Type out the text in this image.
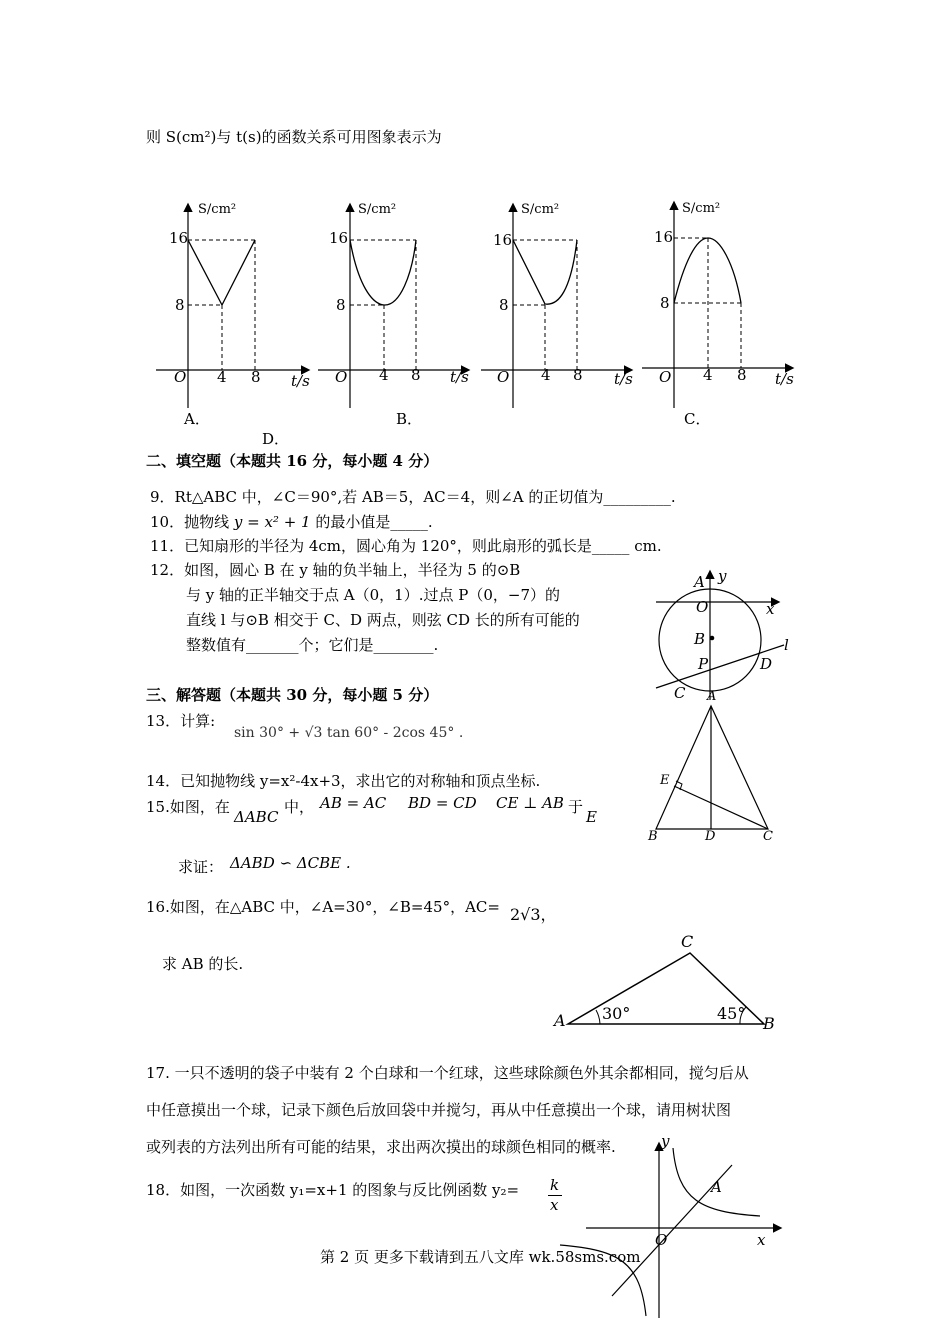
则 S(cm²)与 t(s)的函数关系可用图象表示为
S/cm²
16
8
O 4 8 t/s
A．
S/cm²
16
8
O 4 8 t/s
B．
S/cm²
16
8
O 4 8 t/s
C．
S/cm²
16
8
O 4 8 t/s
D．
二、填空题（本题共 16 分，每小题 4 分）
9．Rt△ABC 中，∠C＝90°,若 AB＝5，AC＝4，则∠A 的正切值为_________.
10．抛物线 y = x² + 1 的最小值是_____.
11．已知扇形的半径为 4cm，圆心角为 120°，则此扇形的弧长是_____ cm.
12．如图，圆心 B 在 y 轴的负半轴上，半径为 5 的⊙B
与 y 轴的正半轴交于点 A（0，1）.过点 P（0，−7）的
直线 l 与⊙B 相交于 C、D 两点，则弦 CD 长的所有可能的
整数值有_______个；它们是________.
A y
O	x
B
P
l
C
D
三、解答题（本题共 30 分，每小题 5 分）
13．计算:
sin 30° + √3 tan 60° - 2cos 45° .
14．已知抛物线 y=x²-4x+3，求出它的对称轴和顶点坐标.
15.如图，在
ΔABC
中， AB = AC BD = CD CE ⊥ AB 于
E
求证： ΔABD ∽ ΔCBE .
A
E
B	D	C
16.如图，在△ABC 中，∠A=30°，∠B=45°，AC= 2√3，
求 AB 的长.
C
A	B
30°	45°
17. 一只不透明的袋子中装有 2 个白球和一个红球，这些球除颜色外其余都相同，搅匀后从
中任意摸出一个球，记录下颜色后放回袋中并搅匀，再从中任意摸出一个球，请用树状图
或列表的方法列出所有可能的结果，求出两次摸出的球颜色相同的概率.
18．如图，一次函数 y₁=x+1 的图象与反比例函数 y₂= k
x
y
A
O	x
第 2 页 更多下载请到五八文库 wk.58sms.com
